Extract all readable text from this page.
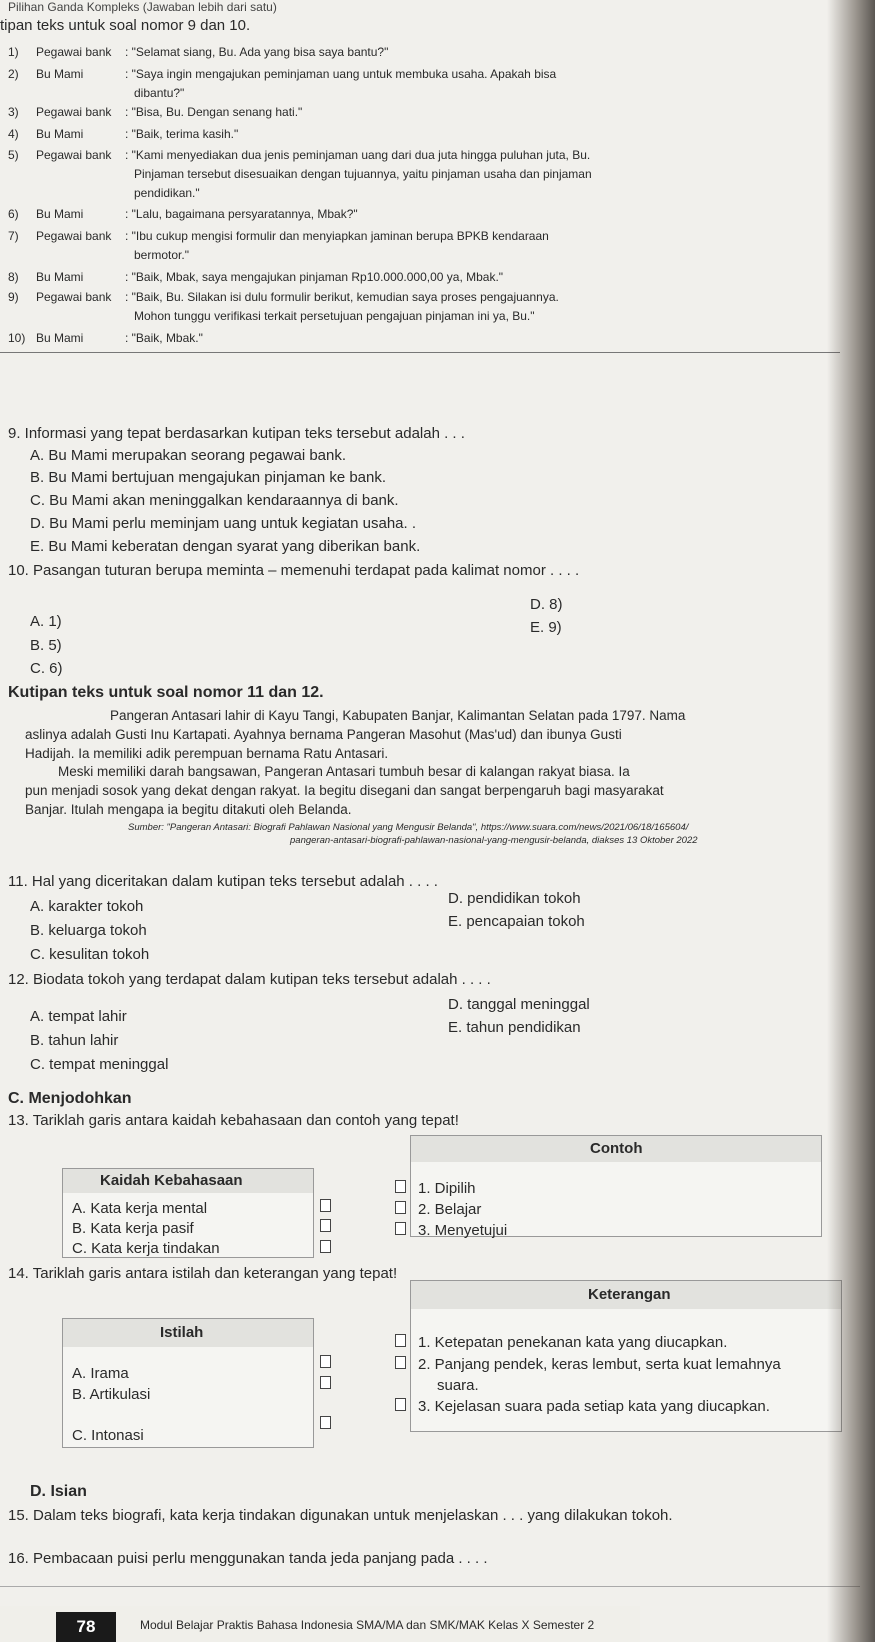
Pilihan Ganda Kompleks (Jawaban lebih dari satu)
tipan teks untuk soal nomor 9 dan 10.
1) Pegawai bank : "Selamat siang, Bu. Ada yang bisa saya bantu?"
2) Bu Mami	: "Saya ingin mengajukan peminjaman uang untuk membuka usaha. Apakah bisa
dibantu?"
3) Pegawai bank : "Bisa, Bu. Dengan senang hati."
4) Bu Mami	: "Baik, terima kasih."
5) Pegawai bank : "Kami menyediakan dua jenis peminjaman uang dari dua juta hingga puluhan juta, Bu.
Pinjaman tersebut disesuaikan dengan tujuannya, yaitu pinjaman usaha dan pinjaman
pendidikan."
6) Bu Mami	: "Lalu, bagaimana persyaratannya, Mbak?"
7) Pegawai bank : "Ibu cukup mengisi formulir dan menyiapkan jaminan berupa BPKB kendaraan
bermotor."
8) Bu Mami	: "Baik, Mbak, saya mengajukan pinjaman Rp10.000.000,00 ya, Mbak."
9) Pegawai bank : "Baik, Bu. Silakan isi dulu formulir berikut, kemudian saya proses pengajuannya.
Mohon tunggu verifikasi terkait persetujuan pengajuan pinjaman ini ya, Bu."
10) Bu Mami	: "Baik, Mbak."
9. Informasi yang tepat berdasarkan kutipan teks tersebut adalah . . .
A. Bu Mami merupakan seorang pegawai bank.
B. Bu Mami bertujuan mengajukan pinjaman ke bank.
C. Bu Mami akan meninggalkan kendaraannya di bank.
D. Bu Mami perlu meminjam uang untuk kegiatan usaha. .
E. Bu Mami keberatan dengan syarat yang diberikan bank.
10. Pasangan tuturan berupa meminta – memenuhi terdapat pada kalimat nomor . . . .
A. 1)
B. 5)
C. 6)
D. 8)
E. 9)
Kutipan teks untuk soal nomor 11 dan 12.
Pangeran Antasari lahir di Kayu Tangi, Kabupaten Banjar, Kalimantan Selatan pada 1797. Nama
aslinya adalah Gusti Inu Kartapati. Ayahnya bernama Pangeran Masohut (Mas'ud) dan ibunya Gusti
Hadijah. Ia memiliki adik perempuan bernama Ratu Antasari.
Meski memiliki darah bangsawan, Pangeran Antasari tumbuh besar di kalangan rakyat biasa. Ia
pun menjadi sosok yang dekat dengan rakyat. Ia begitu disegani dan sangat berpengaruh bagi masyarakat
Banjar. Itulah mengapa ia begitu ditakuti oleh Belanda.
Sumber: "Pangeran Antasari: Biografi Pahlawan Nasional yang Mengusir Belanda", https://www.suara.com/news/2021/06/18/165604/
pangeran-antasari-biografi-pahlawan-nasional-yang-mengusir-belanda, diakses 13 Oktober 2022
11. Hal yang diceritakan dalam kutipan teks tersebut adalah . . . .
A. karakter tokoh
B. keluarga tokoh
C. kesulitan tokoh
D. pendidikan tokoh
E. pencapaian tokoh
12. Biodata tokoh yang terdapat dalam kutipan teks tersebut adalah . . . .
A. tempat lahir
B. tahun lahir
C. tempat meninggal
D. tanggal meninggal
E. tahun pendidikan
C. Menjodohkan
13. Tariklah garis antara kaidah kebahasaan dan contoh yang tepat!
Kaidah Kebahasaan
A. Kata kerja mental
B. Kata kerja pasif
C. Kata kerja tindakan
Contoh
1. Dipilih
2. Belajar
3. Menyetujui
14. Tariklah garis antara istilah dan keterangan yang tepat!
Istilah
A. Irama
B. Artikulasi
C. Intonasi
Keterangan
1. Ketepatan penekanan kata yang diucapkan.
2. Panjang pendek, keras lembut, serta kuat lemahnya
suara.
3. Kejelasan suara pada setiap kata yang diucapkan.
D. Isian
15. Dalam teks biografi, kata kerja tindakan digunakan untuk menjelaskan . . . yang dilakukan tokoh.
16. Pembacaan puisi perlu menggunakan tanda jeda panjang pada . . . .
78	Modul Belajar Praktis Bahasa Indonesia SMA/MA dan SMK/MAK Kelas X Semester 2
